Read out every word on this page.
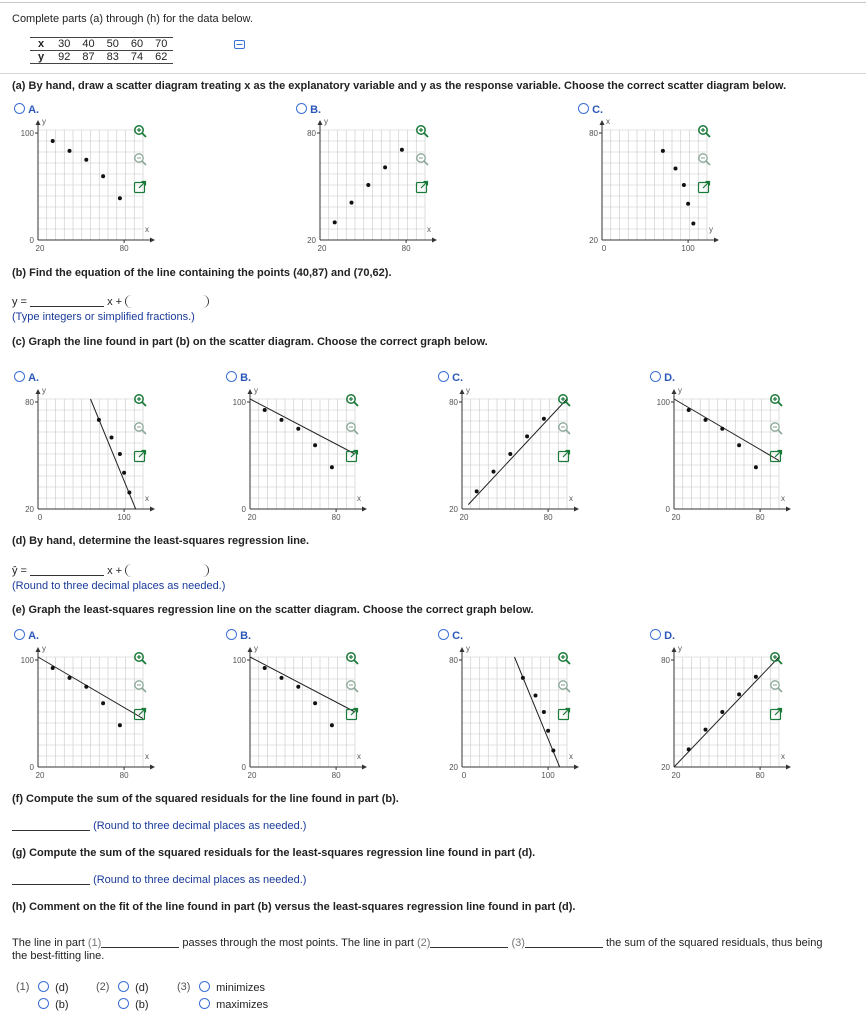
Complete parts (a) through (h) for the data below.
x	30	40	50	60	70
y	92	87	83	74	62
(a) By hand, draw a scatter diagram treating x as the explanatory variable and y as the response variable. Choose the correct scatter diagram below.
A.	B.	C.
y
x
100
0
20	80
y
x
80
20
20	80
x
y
80
20
0	100
(b) Find the equation of the line containing the points (40,87) and (70,62).
y =	x +
(Type integers or simplified fractions.)
(c) Graph the line found in part (b) on the scatter diagram. Choose the correct graph below.
A.	B.	C.	D.
y
x
80
20
0	100
y
x
100
0
20	80
y
x
80
20
20	80
y
x
100
0
20	80
(d) By hand, determine the least-squares regression line.
ŷ =	x +
(Round to three decimal places as needed.)
(e) Graph the least-squares regression line on the scatter diagram. Choose the correct graph below.
A.	B.	C.	D.
y
x
100
0
20	80
y
x
100
0
20	80
y
x
80
20
0	100
y
x
80
20
20	80
(f) Compute the sum of the squared residuals for the line found in part (b).
(Round to three decimal places as needed.)
(g) Compute the sum of the squared residuals for the least-squares regression line found in part (d).
(Round to three decimal places as needed.)
(h) Comment on the fit of the line found in part (b) versus the least-squares regression line found in part (d).
The line in part (1)	passes through the most points. The line in part (2)	(3)	the sum of the squared residuals, thus being
the best-fitting line.
(1)	(d)
(b)
(2)	(d)
(b)
(3)	minimizes
maximizes
